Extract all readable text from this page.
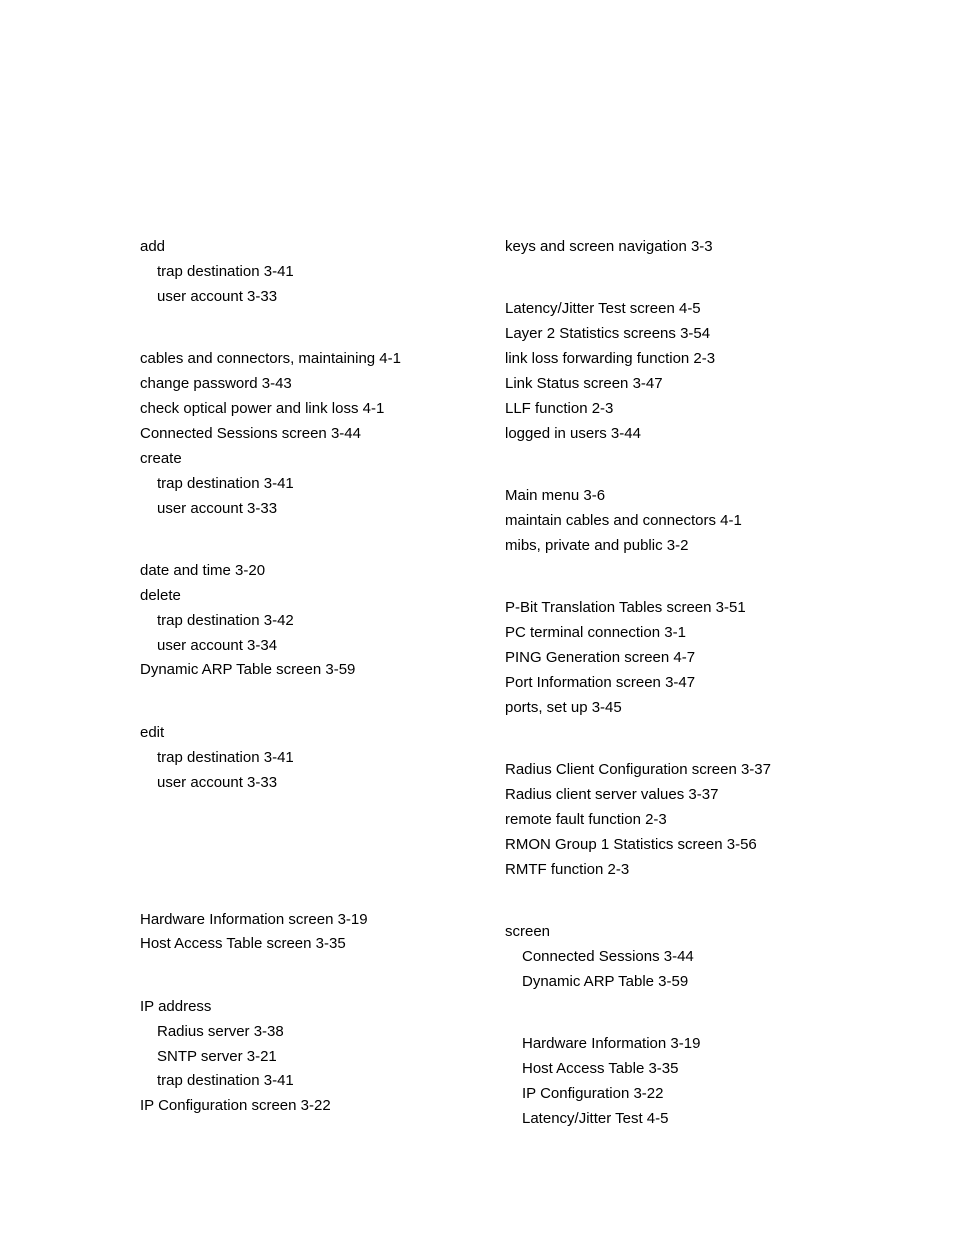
add
trap destination 3-41
user account 3-33
cables and connectors, maintaining 4-1
change password 3-43
check optical power and link loss 4-1
Connected Sessions screen 3-44
create
trap destination 3-41
user account 3-33
date and time 3-20
delete
trap destination 3-42
user account 3-34
Dynamic ARP Table screen 3-59
edit
trap destination 3-41
user account 3-33
Hardware Information screen 3-19
Host Access Table screen 3-35
IP address
Radius server 3-38
SNTP server 3-21
trap destination 3-41
IP Configuration screen 3-22
keys and screen navigation 3-3
Latency/Jitter Test screen 4-5
Layer 2 Statistics screens 3-54
link loss forwarding function 2-3
Link Status screen 3-47
LLF function 2-3
logged in users 3-44
Main menu 3-6
maintain cables and connectors 4-1
mibs, private and public 3-2
P-Bit Translation Tables screen 3-51
PC terminal connection 3-1
PING Generation screen 4-7
Port Information screen 3-47
ports, set up 3-45
Radius Client Configuration screen 3-37
Radius client server values 3-37
remote fault function 2-3
RMON Group 1 Statistics screen 3-56
RMTF function 2-3
screen
Connected Sessions 3-44
Dynamic ARP Table 3-59
Hardware Information 3-19
Host Access Table 3-35
IP Configuration 3-22
Latency/Jitter Test 4-5
